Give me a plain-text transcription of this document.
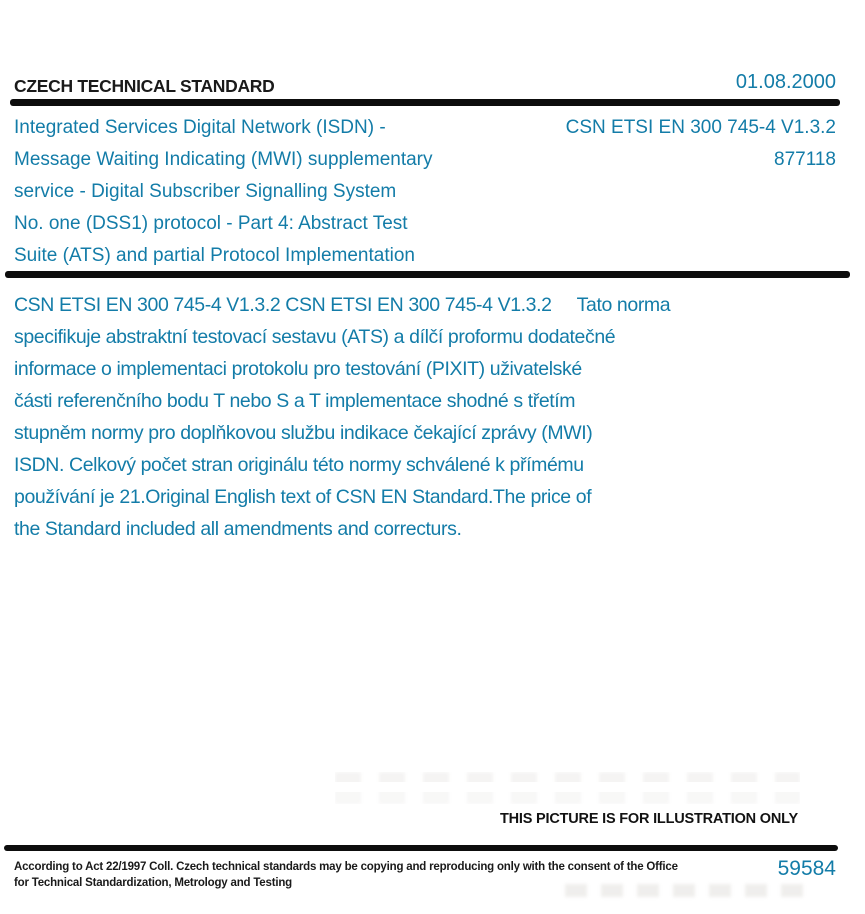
CZECH TECHNICAL STANDARD	01.08.2000
Integrated Services Digital Network (ISDN) -
Message Waiting Indicating (MWI) supplementary
service - Digital Subscriber Signalling System
No. one (DSS1) protocol - Part 4: Abstract Test
Suite (ATS) and partial Protocol Implementation
CSN ETSI EN 300 745-4 V1.3.2
877118
CSN ETSI EN 300 745-4 V1.3.2 CSN ETSI EN 300 745-4 V1.3.2     Tato norma
specifikuje abstraktní testovací sestavu (ATS) a dílčí proformu dodatečné
informace o implementaci protokolu pro testování (PIXIT) uživatelské
části referenčního bodu T nebo S a T implementace shodné s třetím
stupněm normy pro doplňkovou službu indikace čekající zprávy (MWI)
ISDN. Celkový počet stran originálu této normy schválené k přímému
používání je 21.Original English text of CSN EN Standard.The price of
the Standard included all amendments and correcturs.
THIS PICTURE IS FOR ILLUSTRATION ONLY
According to Act 22/1997 Coll. Czech technical standards may be copying and reproducing only with the consent of the Office
for Technical Standardization, Metrology and Testing
59584
